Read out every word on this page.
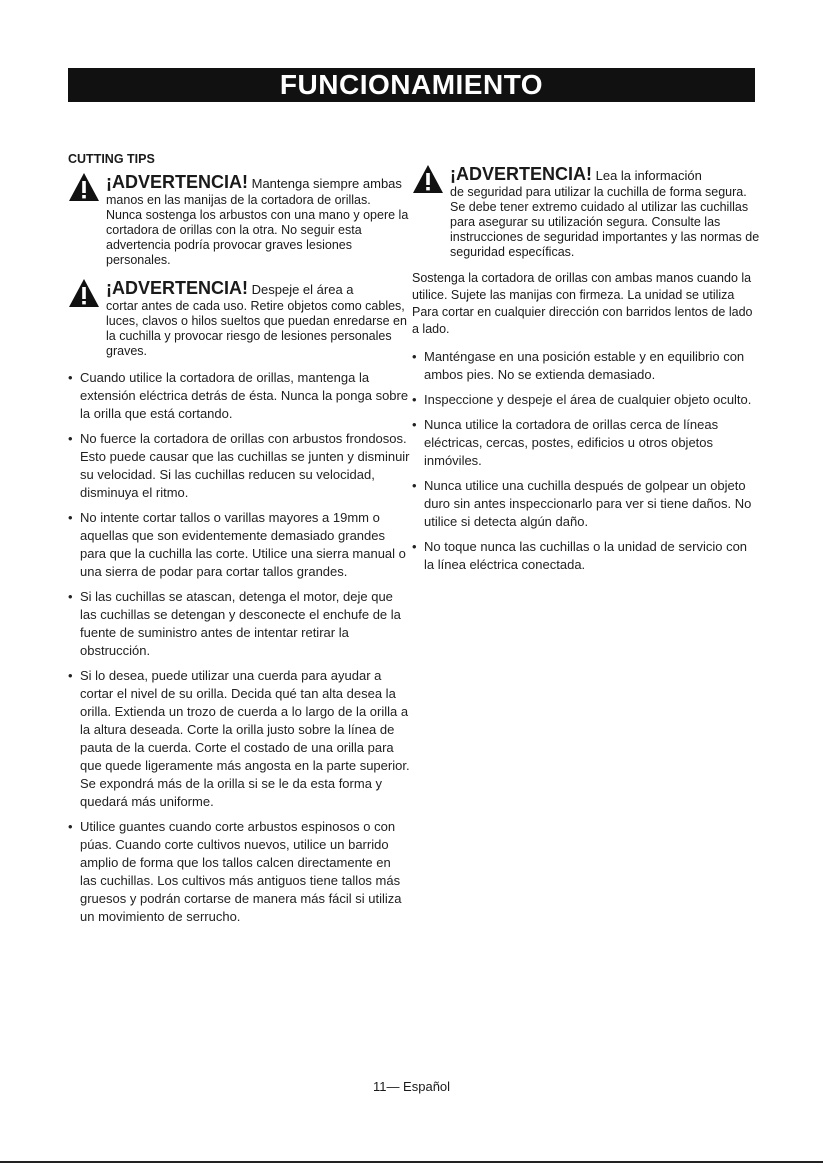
FUNCIONAMIENTO
CUTTING TIPS
¡ADVERTENCIA! Mantenga siempre ambas
manos en las manijas de la cortadora de orillas. Nunca sostenga los arbustos con una mano y opere la cortadora de orillas con la otra. No seguir esta advertencia podría provocar graves lesiones personales.
¡ADVERTENCIA! Despeje el área a
cortar antes de cada uso. Retire objetos como cables, luces, clavos o hilos sueltos que puedan enredarse en la cuchilla y provocar riesgo de lesiones personales graves.
• Cuando utilice la cortadora de orillas, mantenga la extensión eléctrica detrás de ésta. Nunca la ponga sobre la orilla que está cortando.
• No fuerce la cortadora de orillas con arbustos frondosos. Esto puede causar que las cuchillas se junten y disminuir su velocidad. Si las cuchillas reducen su velocidad, disminuya el ritmo.
• No intente cortar tallos o varillas mayores a 19mm o aquellas que son evidentemente demasiado grandes para que la cuchilla las corte. Utilice una sierra manual o una sierra de podar para cortar tallos grandes.
• Si las cuchillas se atascan, detenga el motor, deje que las cuchillas se detengan y desconecte el enchufe de la fuente de suministro antes de intentar retirar la obstrucción.
• Si lo desea, puede utilizar una cuerda para ayudar a cortar el nivel de su orilla. Decida qué tan alta desea la orilla. Extienda un trozo de cuerda a lo largo de la orilla a la altura deseada. Corte la orilla justo sobre la línea de pauta de la cuerda. Corte el costado de una orilla para que quede ligeramente más angosta en la parte superior. Se expondrá más de la orilla si se le da esta forma y quedará más uniforme.
• Utilice guantes cuando corte arbustos espinosos o con púas. Cuando corte cultivos nuevos, utilice un barrido amplio de forma que los tallos calcen directamente en las cuchillas. Los cultivos más antiguos tiene tallos más gruesos y podrán cortarse de manera más fácil si utiliza un movimiento de serrucho.
¡ADVERTENCIA! Lea la información
de seguridad para utilizar la cuchilla de forma segura. Se debe tener extremo cuidado al utilizar las cuchillas para asegurar su utilización segura. Consulte las instrucciones de seguridad importantes y las normas de seguridad específicas.
Sostenga la cortadora de orillas con ambas manos cuando la utilice. Sujete las manijas con firmeza. La unidad se utiliza Para cortar en cualquier dirección con barridos lentos de lado a lado.
• Manténgase en una posición estable y en equilibrio con ambos pies. No se extienda demasiado.
• Inspeccione y despeje el área de cualquier objeto oculto.
• Nunca utilice la cortadora de orillas cerca de líneas eléctricas, cercas, postes, edificios u otros objetos inmóviles.
• Nunca utilice una cuchilla después de golpear un objeto duro sin antes inspeccionarlo para ver si tiene daños. No utilice si detecta algún daño.
• No toque nunca las cuchillas o la unidad de servicio con la línea eléctrica conectada.
11— Español
